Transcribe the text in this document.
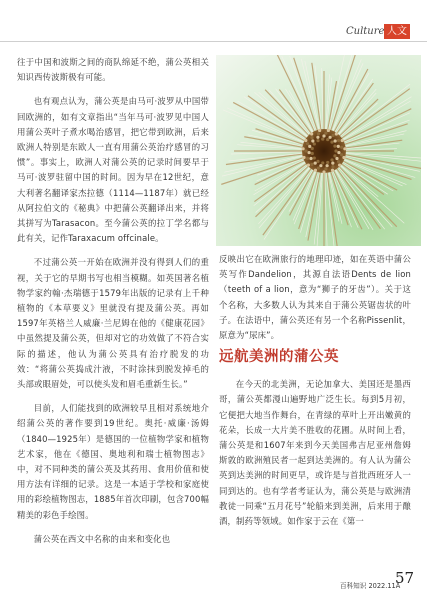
Culture 人文

往于中国和波斯之间的商队绵延不绝，蒲公英相关知识西传波斯极有可能。

也有观点认为，蒲公英是由马可·波罗从中国带回欧洲的，如有文章指出“当年马可·波罗见中国人用蒲公英叶子煮水喝治感冒，把它带到欧洲，后来欧洲人特别是东欧人一直有用蒲公英治疗感冒的习惯”。事实上，欧洲人对蒲公英的记录时间要早于马可·波罗驻留中国的时间。因为早在12世纪，意大利著名翻译家杰拉德（1114—1187年）就已经从阿拉伯文的《秘典》中把蒲公英翻译出来，并将其拼写为Tarasacon。至今蒲公英的拉丁学名都与此有关，记作Taraxacum offcinale。

不过蒲公英一开始在欧洲并没有得到人们的重视，关于它的早期书写也相当模糊。如英国著名植物学家约翰·杰瑞德于1579年出版的记录有上千种植物的《本草要义》里就没有提及蒲公英。再如1597年英格兰人威廉·兰尼姆在他的《健康花园》中虽然提及蒲公英，但却对它的功效做了不符合实际的描述，他认为蒲公英具有治疗脱发的功效：“将蒲公英捣成汁液，不时涂抹到脱发掉毛的头部或眼眉处，可以使头发和眉毛重新生长。”

目前，人们能找到的欧洲较早且相对系统地介绍蒲公英的著作要到19世纪。奥托·威廉·汤姆（1840—1925年）是德国的一位植物学家和植物艺术家，他在《德国、奥地利和瑞士植物图志》中，对不同种类的蒲公英及其药用、食用价值和使用方法有详细的记录。这是一本适于学校和家庭使用的彩绘植物图志，1885年首次印刷，包含700幅精美的彩色手绘图。

蒲公英在西文中名称的由来和变化也

反映出它在欧洲旅行的地理印迹，如在英语中蒲公英写作Dandelion，其源自法语Dents de lion（teeth of a lion，意为“狮子的牙齿”）。关于这个名称，大多数人认为其来自于蒲公英锯齿状的叶子。在法语中，蒲公英还有另一个名称Pissenlit，原意为“尿床”。

远航美洲的蒲公英

在今天的北美洲，无论加拿大、美国还是墨西哥，蒲公英都漫山遍野地广泛生长。每到5月初，它便把大地当作舞台，在青绿的草叶上开出嫩黄的花朵，长成一大片美不胜收的花圃。从时间上看，蒲公英是和1607年来到今天美国弗吉尼亚州詹姆斯敦的欧洲殖民者一起到达美洲的。有人认为蒲公英到达美洲的时间更早，或许是与首批西班牙人一同到达的。也有学者考证认为，蒲公英是与欧洲清教徒一同乘“五月花号”轮船来到美洲，后来用于酿酒，制药等领域。如作家于云在《第一

百科知识 2022.11A
57
